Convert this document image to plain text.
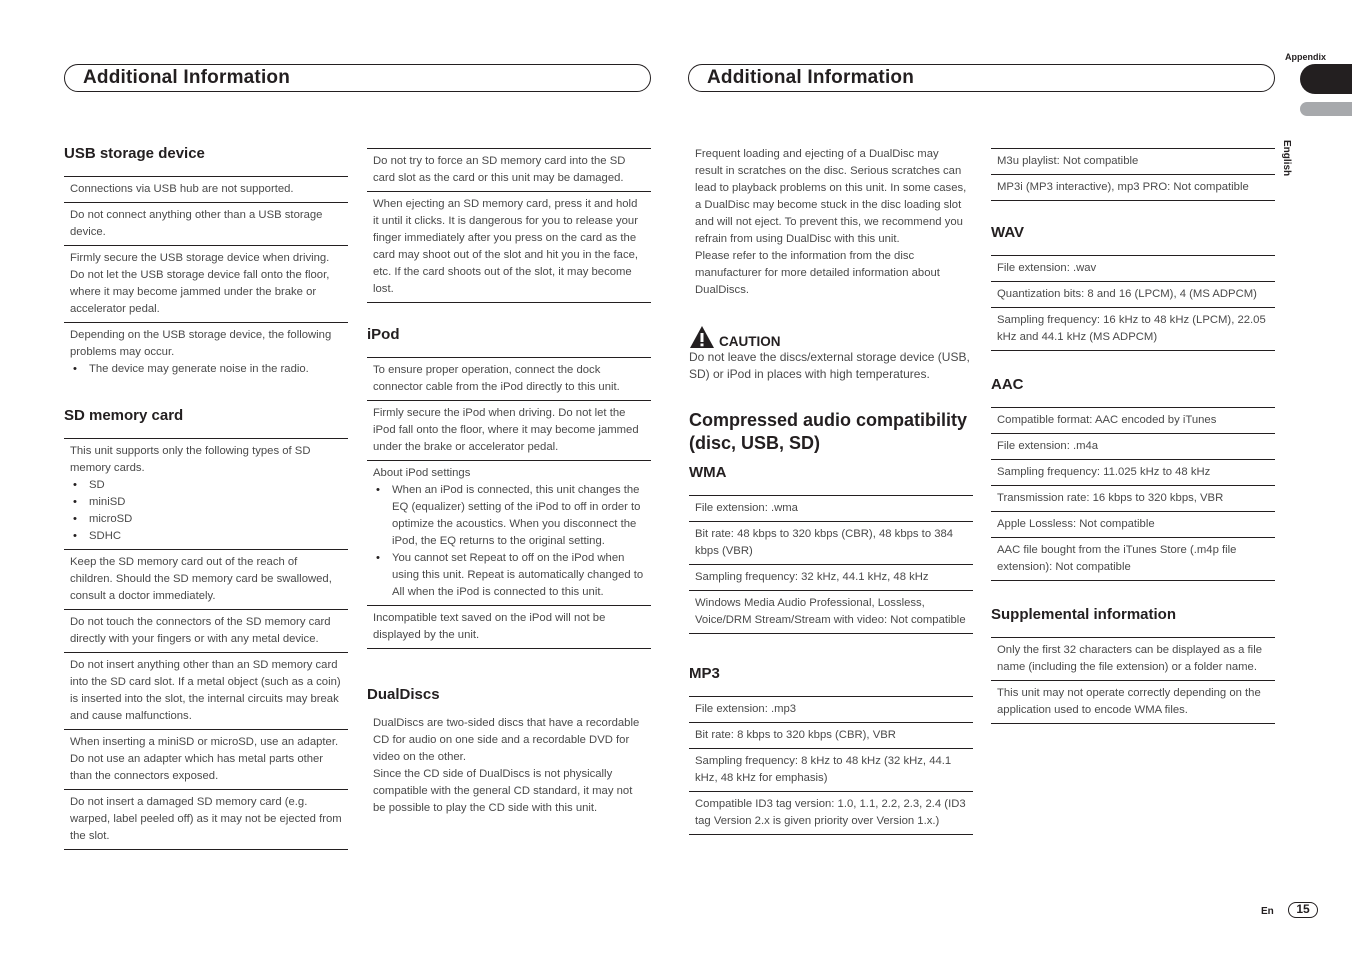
Additional Information	Additional Information
Appendix
English
En	15
USB storage device
Connections via USB hub are not supported.
Do not connect anything other than a USB storage device.
Firmly secure the USB storage device when driving. Do not let the USB storage device fall onto the floor, where it may become jammed under the brake or accelerator pedal.
Depending on the USB storage device, the following problems may occur.
• The device may generate noise in the radio.
SD memory card
This unit supports only the following types of SD memory cards.
• SD
• miniSD
• microSD
• SDHC
Keep the SD memory card out of the reach of children. Should the SD memory card be swallowed, consult a doctor immediately.
Do not touch the connectors of the SD memory card directly with your fingers or with any metal device.
Do not insert anything other than an SD memory card into the SD card slot. If a metal object (such as a coin) is inserted into the slot, the internal circuits may break and cause malfunctions.
When inserting a miniSD or microSD, use an adapter. Do not use an adapter which has metal parts other than the connectors exposed.
Do not insert a damaged SD memory card (e.g. warped, label peeled off) as it may not be ejected from the slot.
Do not try to force an SD memory card into the SD card slot as the card or this unit may be damaged.
When ejecting an SD memory card, press it and hold it until it clicks. It is dangerous for you to release your finger immediately after you press on the card as the card may shoot out of the slot and hit you in the face, etc. If the card shoots out of the slot, it may become lost.
iPod
To ensure proper operation, connect the dock connector cable from the iPod directly to this unit.
Firmly secure the iPod when driving. Do not let the iPod fall onto the floor, where it may become jammed under the brake or accelerator pedal.
About iPod settings
• When an iPod is connected, this unit changes the EQ (equalizer) setting of the iPod to off in order to optimize the acoustics. When you disconnect the iPod, the EQ returns to the original setting.
• You cannot set Repeat to off on the iPod when using this unit. Repeat is automatically changed to All when the iPod is connected to this unit.
Incompatible text saved on the iPod will not be displayed by the unit.
DualDiscs
DualDiscs are two-sided discs that have a recordable CD for audio on one side and a recordable DVD for video on the other.
Since the CD side of DualDiscs is not physically compatible with the general CD standard, it may not be possible to play the CD side with this unit.
Frequent loading and ejecting of a DualDisc may result in scratches on the disc. Serious scratches can lead to playback problems on this unit. In some cases, a DualDisc may become stuck in the disc loading slot and will not eject. To prevent this, we recommend you refrain from using DualDisc with this unit.
Please refer to the information from the disc manufacturer for more detailed information about DualDiscs.
CAUTION
Do not leave the discs/external storage device (USB, SD) or iPod in places with high temperatures.
Compressed audio compatibility (disc, USB, SD)
WMA
File extension: .wma
Bit rate: 48 kbps to 320 kbps (CBR), 48 kbps to 384 kbps (VBR)
Sampling frequency: 32 kHz, 44.1 kHz, 48 kHz
Windows Media Audio Professional, Lossless, Voice/DRM Stream/Stream with video: Not compatible
MP3
File extension: .mp3
Bit rate: 8 kbps to 320 kbps (CBR), VBR
Sampling frequency: 8 kHz to 48 kHz (32 kHz, 44.1 kHz, 48 kHz for emphasis)
Compatible ID3 tag version: 1.0, 1.1, 2.2, 2.3, 2.4 (ID3 tag Version 2.x is given priority over Version 1.x.)
M3u playlist: Not compatible
MP3i (MP3 interactive), mp3 PRO: Not compatible
WAV
File extension: .wav
Quantization bits: 8 and 16 (LPCM), 4 (MS ADPCM)
Sampling frequency: 16 kHz to 48 kHz (LPCM), 22.05 kHz and 44.1 kHz (MS ADPCM)
AAC
Compatible format: AAC encoded by iTunes
File extension: .m4a
Sampling frequency: 11.025 kHz to 48 kHz
Transmission rate: 16 kbps to 320 kbps, VBR
Apple Lossless: Not compatible
AAC file bought from the iTunes Store (.m4p file extension): Not compatible
Supplemental information
Only the first 32 characters can be displayed as a file name (including the file extension) or a folder name.
This unit may not operate correctly depending on the application used to encode WMA files.
